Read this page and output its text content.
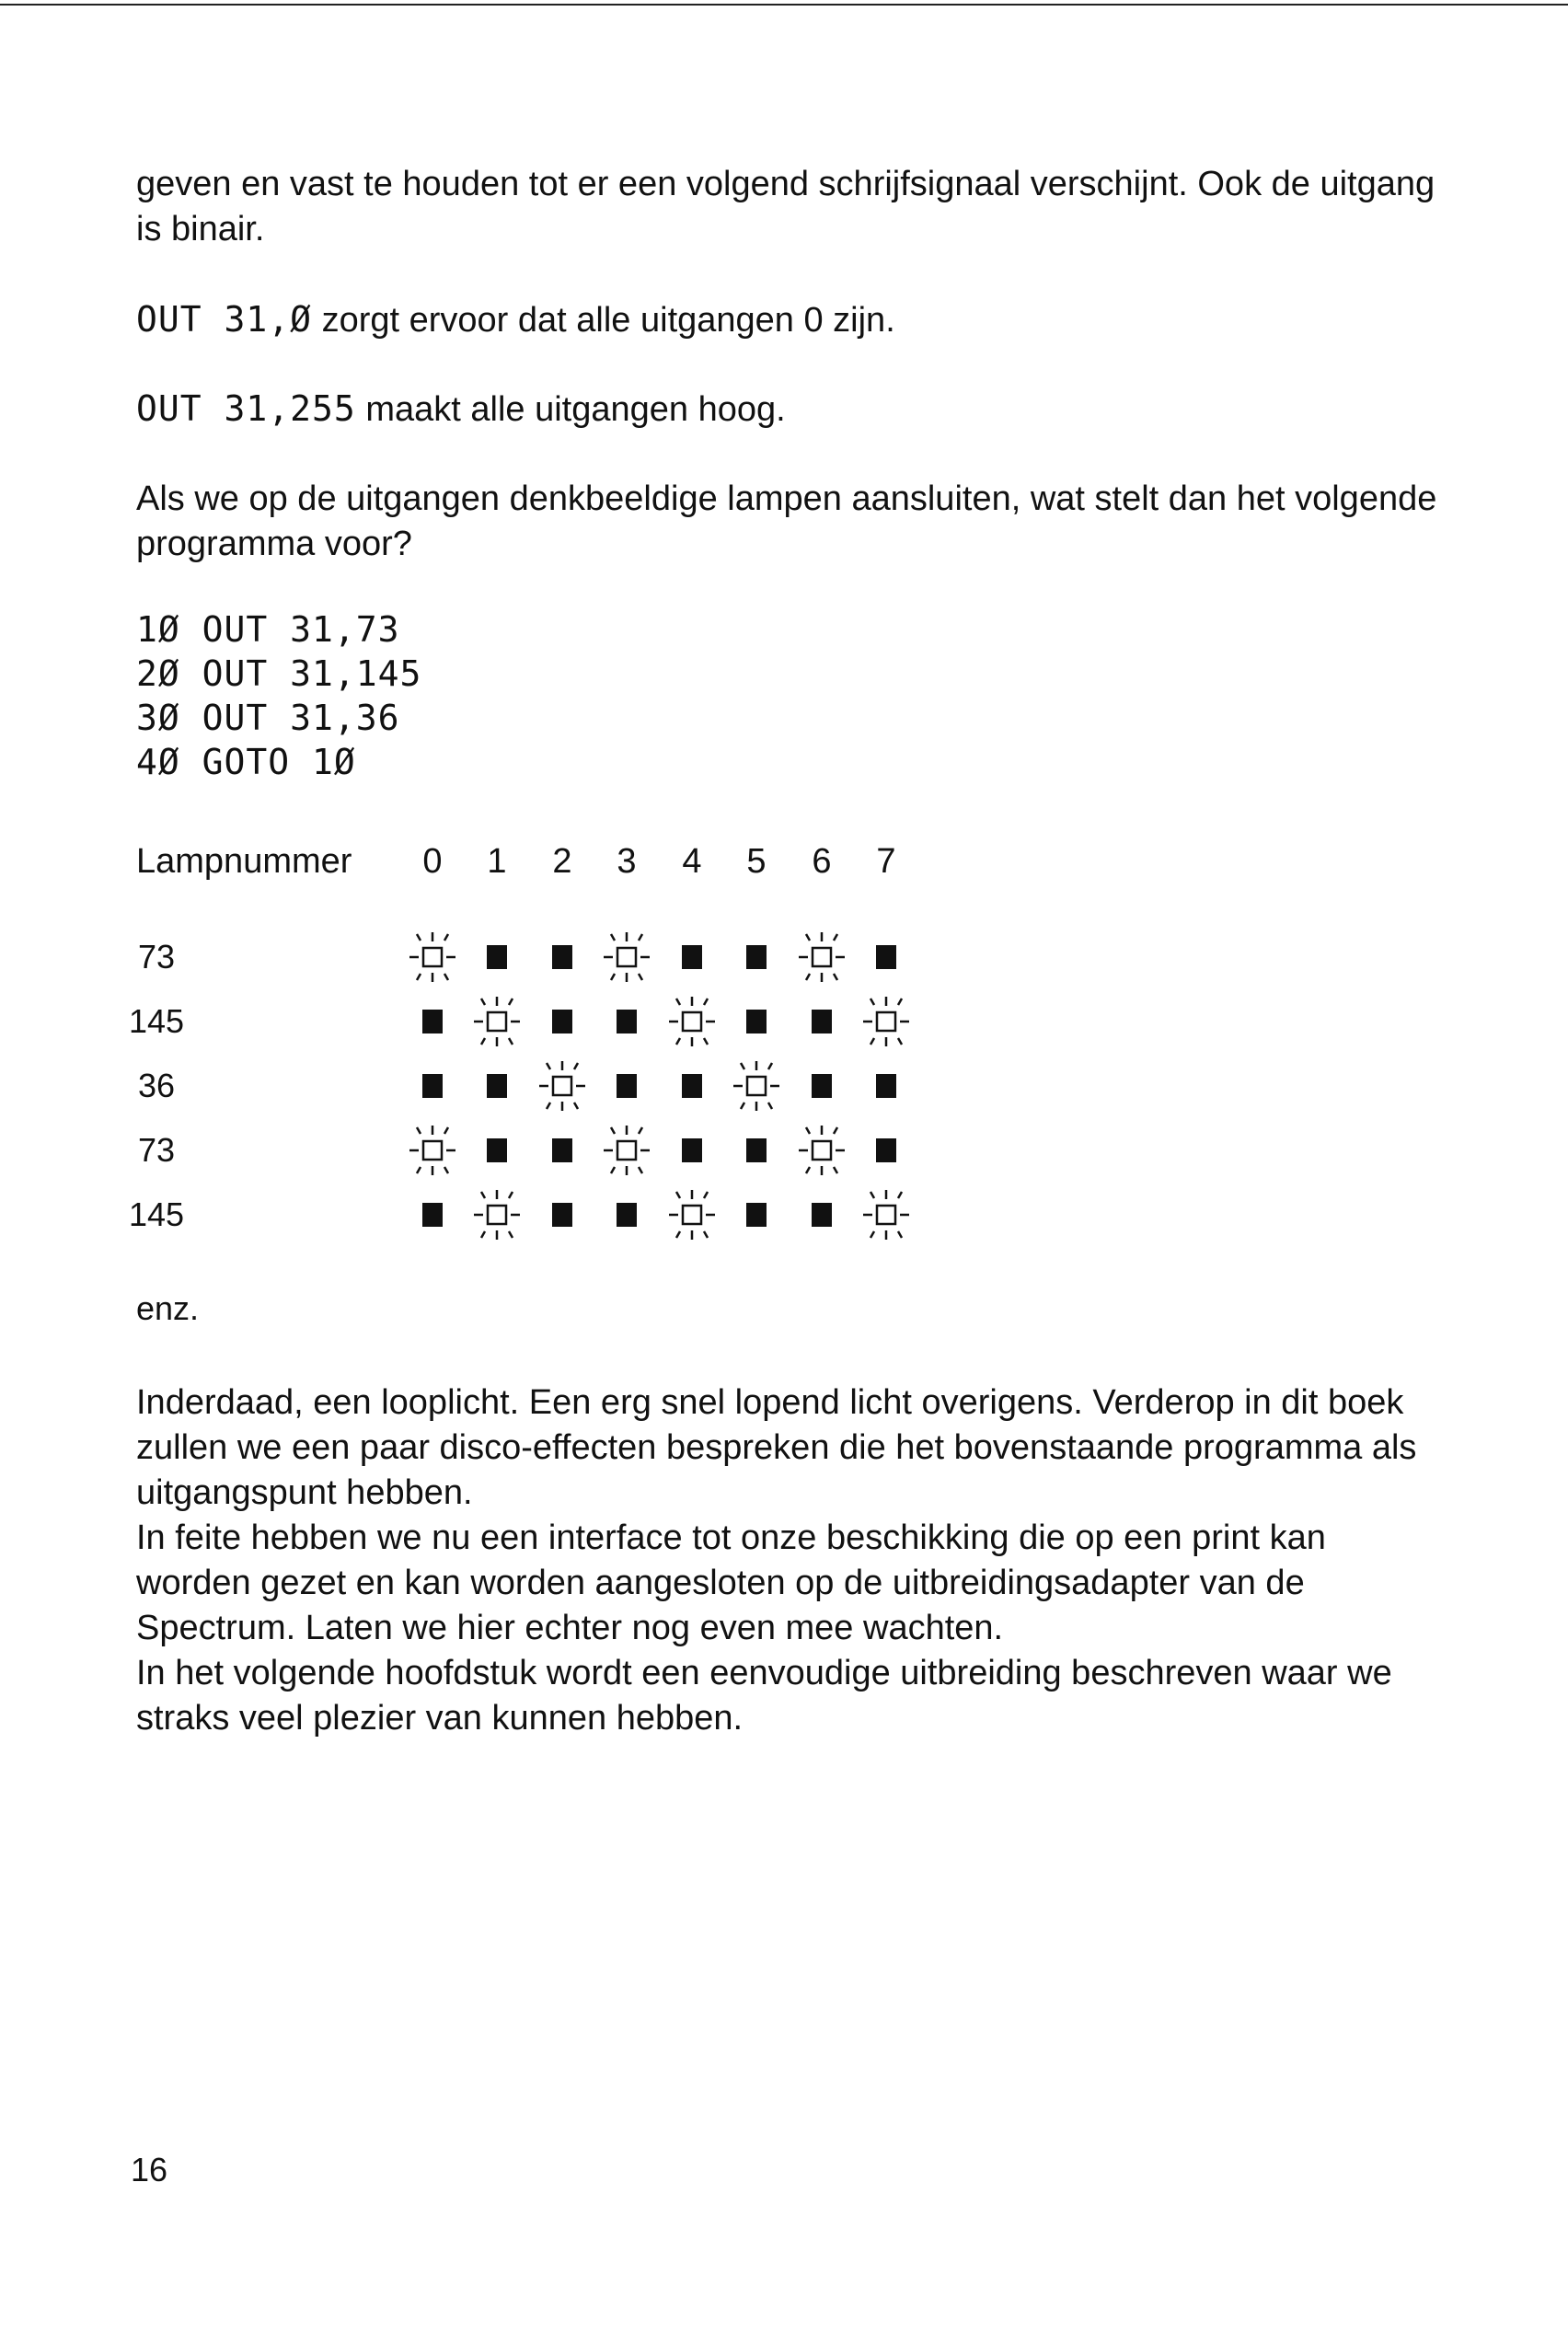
geven en vast te houden tot er een volgend schrijfsignaal verschijnt. Ook de uitgang is binair.

OUT 31,Ø zorgt ervoor dat alle uitgangen 0 zijn.

OUT 31,255 maakt alle uitgangen hoog.

Als we op de uitgangen denkbeeldige lampen aansluiten, wat stelt dan het volgende programma voor?

1Ø OUT 31,73
2Ø OUT 31,145
3Ø OUT 31,36
4Ø GOTO 1Ø
Lampnummer 0 1 2 3 4 5 6 7
73
145
36
73
145
enz.

Inderdaad, een looplicht. Een erg snel lopend licht overigens. Verderop in dit boek zullen we een paar disco-effecten bespreken die het bovenstaande programma als uitgangspunt hebben.

In feite hebben we nu een interface tot onze beschikking die op een print kan worden gezet en kan worden aangesloten op de uitbreidingsadapter van de Spectrum. Laten we hier echter nog even mee wachten.

In het volgende hoofdstuk wordt een eenvoudige uitbreiding beschreven waar we straks veel plezier van kunnen hebben.

16
